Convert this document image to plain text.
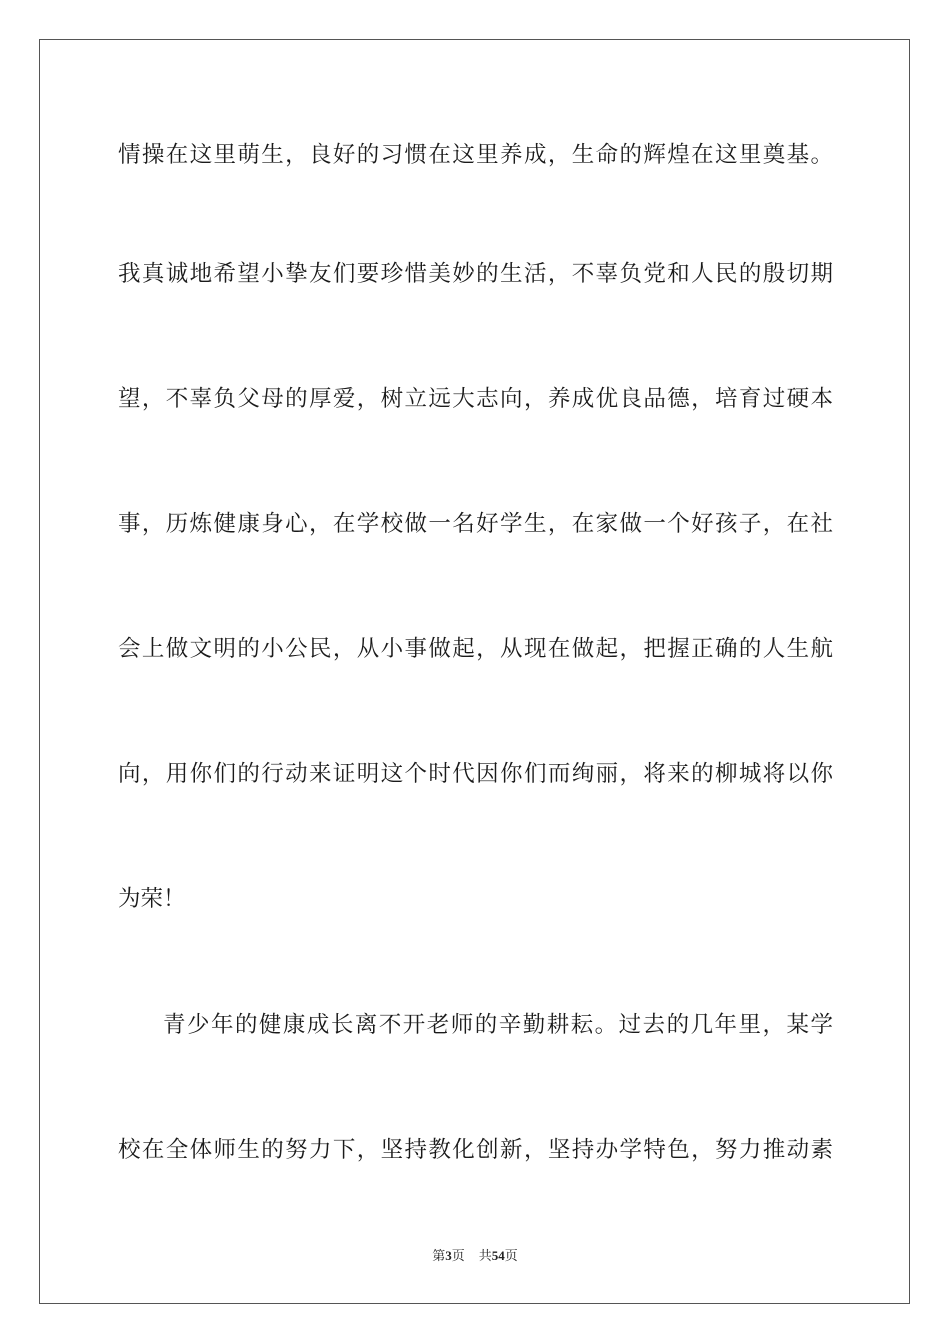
情操在这里萌生，良好的习惯在这里养成，生命的辉煌在这里奠基。
我真诚地希望小挚友们要珍惜美妙的生活，不辜负党和人民的殷切期
望，不辜负父母的厚爱，树立远大志向，养成优良品德，培育过硬本
事，历炼健康身心，在学校做一名好学生，在家做一个好孩子，在社
会上做文明的小公民，从小事做起，从现在做起，把握正确的人生航
向，用你们的行动来证明这个时代因你们而绚丽，将来的柳城将以你
为荣！
青少年的健康成长离不开老师的辛勤耕耘。过去的几年里，某学
校在全体师生的努力下，坚持教化创新，坚持办学特色，努力推动素
第3页 共54页
